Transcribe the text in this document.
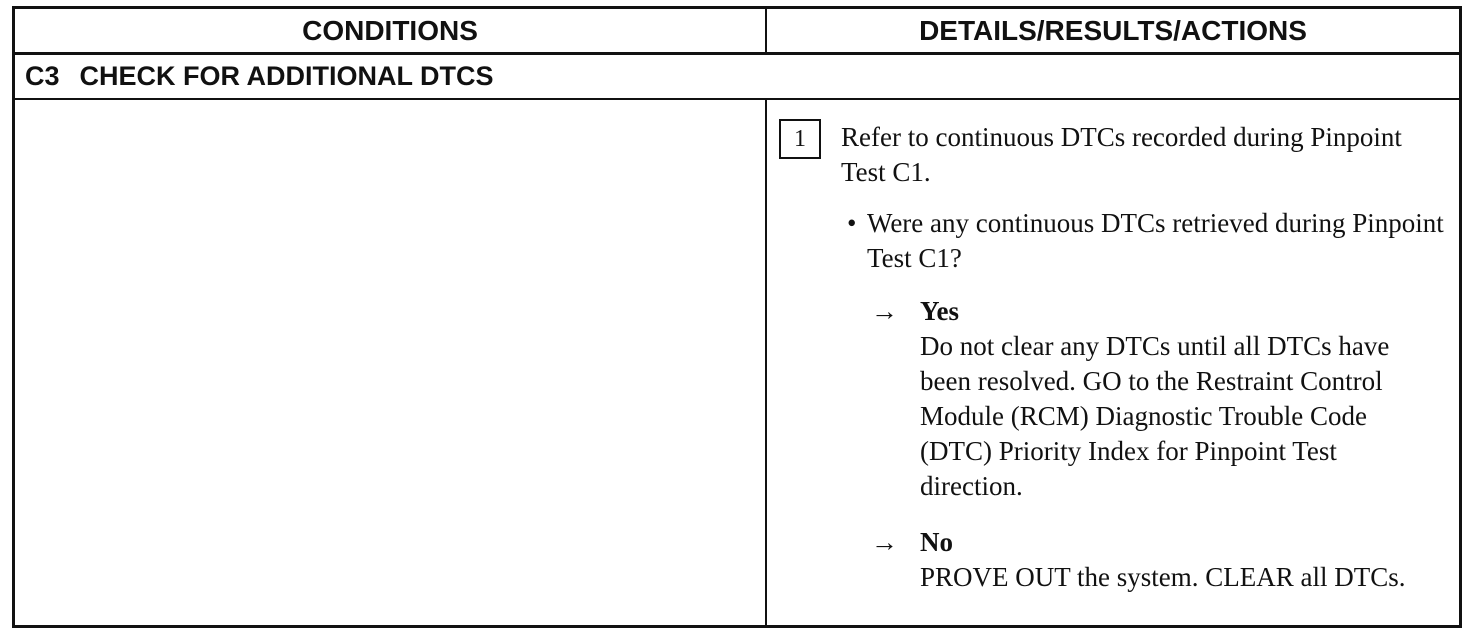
CONDITIONS	DETAILS/RESULTS/ACTIONS
C3 CHECK FOR ADDITIONAL DTCS
1	Refer to continuous DTCs recorded during Pinpoint Test C1.
• Were any continuous DTCs retrieved during Pinpoint Test C1?
→ Yes
Do not clear any DTCs until all DTCs have been resolved. GO to the Restraint Control Module (RCM) Diagnostic Trouble Code (DTC) Priority Index for Pinpoint Test direction.
→ No
PROVE OUT the system. CLEAR all DTCs.
